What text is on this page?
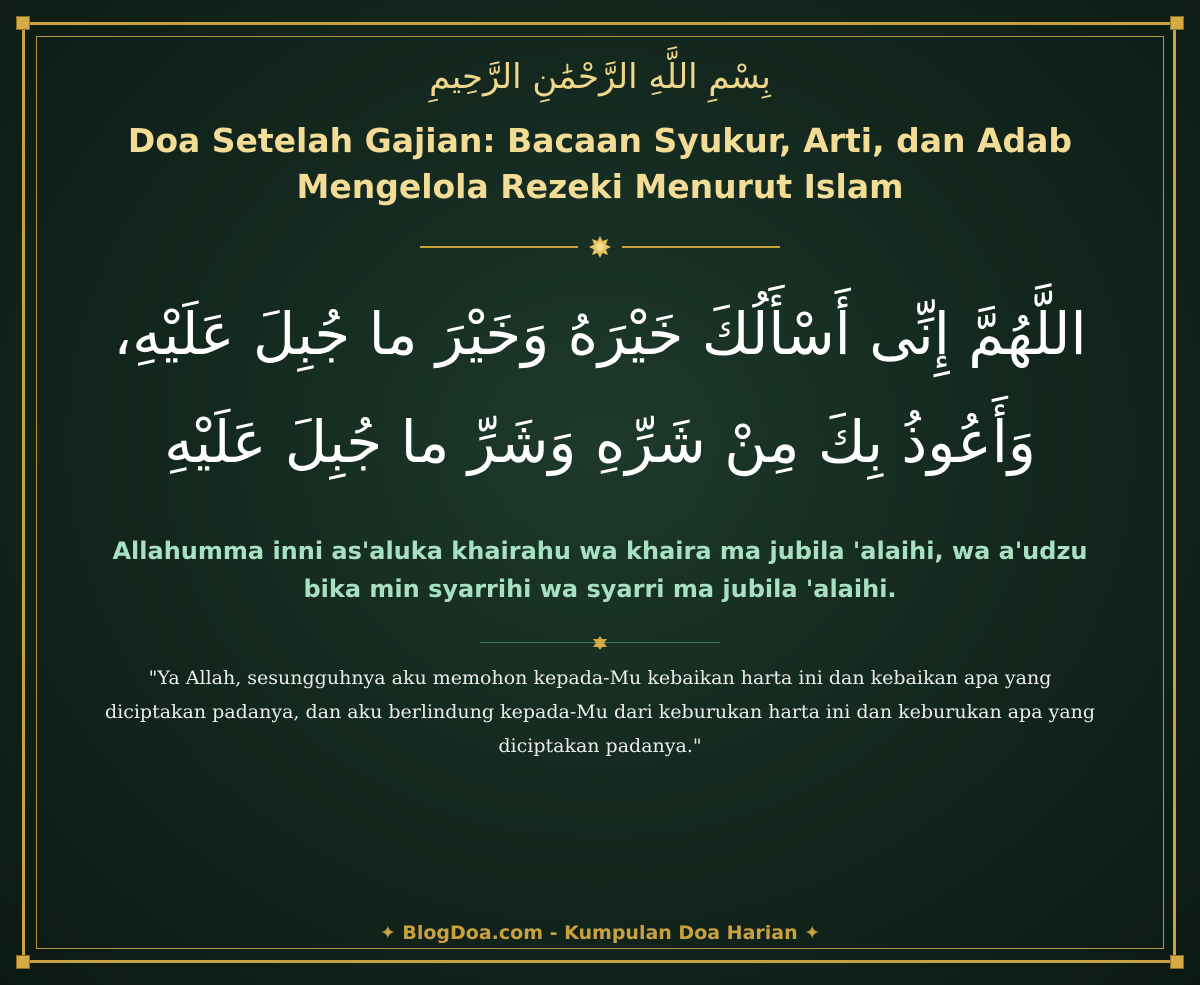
بِسْمِ اللَّهِ الرَّحْمَٰنِ الرَّحِيمِ
Doa Setelah Gajian: Bacaan Syukur, Arti, dan Adab Mengelola Rezeki Menurut Islam
اللَّهُمَّ إِنِّى أَسْأَلُكَ خَيْرَهُ وَخَيْرَ ما جُبِلَ عَلَيْهِ، وَأَعُوذُ بِكَ مِنْ شَرِّهِ وَشَرِّ ما جُبِلَ عَلَيْهِ
Allahumma inni as'aluka khairahu wa khaira ma jubila 'alaihi, wa a'udzu bika min syarrihi wa syarri ma jubila 'alaihi.
"Ya Allah, sesungguhnya aku memohon kepada-Mu kebaikan harta ini dan kebaikan apa yang diciptakan padanya, dan aku berlindung kepada-Mu dari keburukan harta ini dan keburukan apa yang diciptakan padanya."
✦ BlogDoa.com - Kumpulan Doa Harian ✦
